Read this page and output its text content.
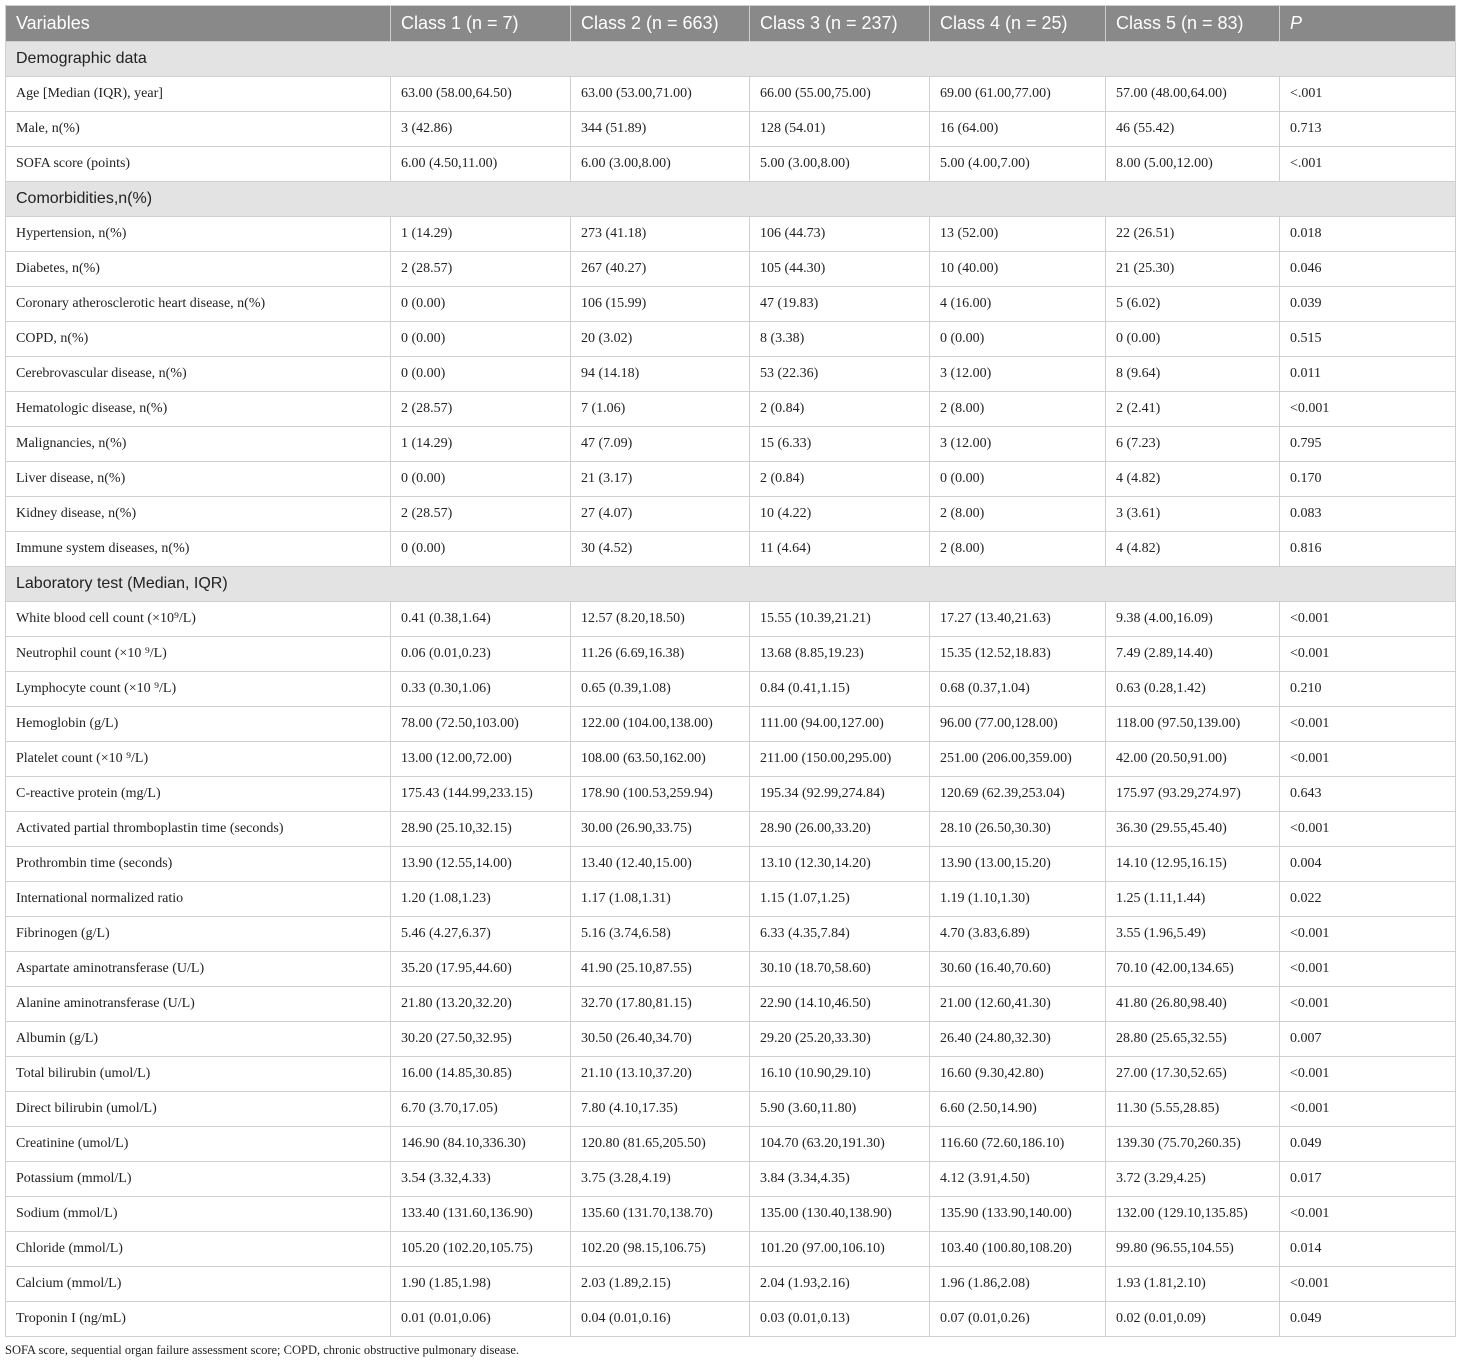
Variables	Class 1 (n = 7)	Class 2 (n = 663)	Class 3 (n = 237)	Class 4 (n = 25)	Class 5 (n = 83)	P
Demographic data						
Age [Median (IQR), year]	63.00 (58.00,64.50)	63.00 (53.00,71.00)	66.00 (55.00,75.00)	69.00 (61.00,77.00)	57.00 (48.00,64.00)	<.001
Male, n(%)	3 (42.86)	344 (51.89)	128 (54.01)	16 (64.00)	46 (55.42)	0.713
SOFA score (points)	6.00 (4.50,11.00)	6.00 (3.00,8.00)	5.00 (3.00,8.00)	5.00 (4.00,7.00)	8.00 (5.00,12.00)	<.001
Comorbidities,n(%)						
Hypertension, n(%)	1 (14.29)	273 (41.18)	106 (44.73)	13 (52.00)	22 (26.51)	0.018
Diabetes, n(%)	2 (28.57)	267 (40.27)	105 (44.30)	10 (40.00)	21 (25.30)	0.046
Coronary atherosclerotic heart disease, n(%)	0 (0.00)	106 (15.99)	47 (19.83)	4 (16.00)	5 (6.02)	0.039
COPD, n(%)	0 (0.00)	20 (3.02)	8 (3.38)	0 (0.00)	0 (0.00)	0.515
Cerebrovascular disease, n(%)	0 (0.00)	94 (14.18)	53 (22.36)	3 (12.00)	8 (9.64)	0.011
Hematologic disease, n(%)	2 (28.57)	7 (1.06)	2 (0.84)	2 (8.00)	2 (2.41)	<0.001
Malignancies, n(%)	1 (14.29)	47 (7.09)	15 (6.33)	3 (12.00)	6 (7.23)	0.795
Liver disease, n(%)	0 (0.00)	21 (3.17)	2 (0.84)	0 (0.00)	4 (4.82)	0.170
Kidney disease, n(%)	2 (28.57)	27 (4.07)	10 (4.22)	2 (8.00)	3 (3.61)	0.083
Immune system diseases, n(%)	0 (0.00)	30 (4.52)	11 (4.64)	2 (8.00)	4 (4.82)	0.816
Laboratory test (Median, IQR)						
White blood cell count (×10⁹/L)	0.41 (0.38,1.64)	12.57 (8.20,18.50)	15.55 (10.39,21.21)	17.27 (13.40,21.63)	9.38 (4.00,16.09)	<0.001
Neutrophil count (×10 ⁹/L)	0.06 (0.01,0.23)	11.26 (6.69,16.38)	13.68 (8.85,19.23)	15.35 (12.52,18.83)	7.49 (2.89,14.40)	<0.001
Lymphocyte count (×10 ⁹/L)	0.33 (0.30,1.06)	0.65 (0.39,1.08)	0.84 (0.41,1.15)	0.68 (0.37,1.04)	0.63 (0.28,1.42)	0.210
Hemoglobin (g/L)	78.00 (72.50,103.00)	122.00 (104.00,138.00)	111.00 (94.00,127.00)	96.00 (77.00,128.00)	118.00 (97.50,139.00)	<0.001
Platelet count (×10 ⁹/L)	13.00 (12.00,72.00)	108.00 (63.50,162.00)	211.00 (150.00,295.00)	251.00 (206.00,359.00)	42.00 (20.50,91.00)	<0.001
C-reactive protein (mg/L)	175.43 (144.99,233.15)	178.90 (100.53,259.94)	195.34 (92.99,274.84)	120.69 (62.39,253.04)	175.97 (93.29,274.97)	0.643
Activated partial thromboplastin time (seconds)	28.90 (25.10,32.15)	30.00 (26.90,33.75)	28.90 (26.00,33.20)	28.10 (26.50,30.30)	36.30 (29.55,45.40)	<0.001
Prothrombin time (seconds)	13.90 (12.55,14.00)	13.40 (12.40,15.00)	13.10 (12.30,14.20)	13.90 (13.00,15.20)	14.10 (12.95,16.15)	0.004
International normalized ratio	1.20 (1.08,1.23)	1.17 (1.08,1.31)	1.15 (1.07,1.25)	1.19 (1.10,1.30)	1.25 (1.11,1.44)	0.022
Fibrinogen (g/L)	5.46 (4.27,6.37)	5.16 (3.74,6.58)	6.33 (4.35,7.84)	4.70 (3.83,6.89)	3.55 (1.96,5.49)	<0.001
Aspartate aminotransferase (U/L)	35.20 (17.95,44.60)	41.90 (25.10,87.55)	30.10 (18.70,58.60)	30.60 (16.40,70.60)	70.10 (42.00,134.65)	<0.001
Alanine aminotransferase (U/L)	21.80 (13.20,32.20)	32.70 (17.80,81.15)	22.90 (14.10,46.50)	21.00 (12.60,41.30)	41.80 (26.80,98.40)	<0.001
Albumin (g/L)	30.20 (27.50,32.95)	30.50 (26.40,34.70)	29.20 (25.20,33.30)	26.40 (24.80,32.30)	28.80 (25.65,32.55)	0.007
Total bilirubin (umol/L)	16.00 (14.85,30.85)	21.10 (13.10,37.20)	16.10 (10.90,29.10)	16.60 (9.30,42.80)	27.00 (17.30,52.65)	<0.001
Direct bilirubin (umol/L)	6.70 (3.70,17.05)	7.80 (4.10,17.35)	5.90 (3.60,11.80)	6.60 (2.50,14.90)	11.30 (5.55,28.85)	<0.001
Creatinine (umol/L)	146.90 (84.10,336.30)	120.80 (81.65,205.50)	104.70 (63.20,191.30)	116.60 (72.60,186.10)	139.30 (75.70,260.35)	0.049
Potassium (mmol/L)	3.54 (3.32,4.33)	3.75 (3.28,4.19)	3.84 (3.34,4.35)	4.12 (3.91,4.50)	3.72 (3.29,4.25)	0.017
Sodium (mmol/L)	133.40 (131.60,136.90)	135.60 (131.70,138.70)	135.00 (130.40,138.90)	135.90 (133.90,140.00)	132.00 (129.10,135.85)	<0.001
Chloride (mmol/L)	105.20 (102.20,105.75)	102.20 (98.15,106.75)	101.20 (97.00,106.10)	103.40 (100.80,108.20)	99.80 (96.55,104.55)	0.014
Calcium (mmol/L)	1.90 (1.85,1.98)	2.03 (1.89,2.15)	2.04 (1.93,2.16)	1.96 (1.86,2.08)	1.93 (1.81,2.10)	<0.001
Troponin I (ng/mL)	0.01 (0.01,0.06)	0.04 (0.01,0.16)	0.03 (0.01,0.13)	0.07 (0.01,0.26)	0.02 (0.01,0.09)	0.049
SOFA score, sequential organ failure assessment score; COPD, chronic obstructive pulmonary disease.
